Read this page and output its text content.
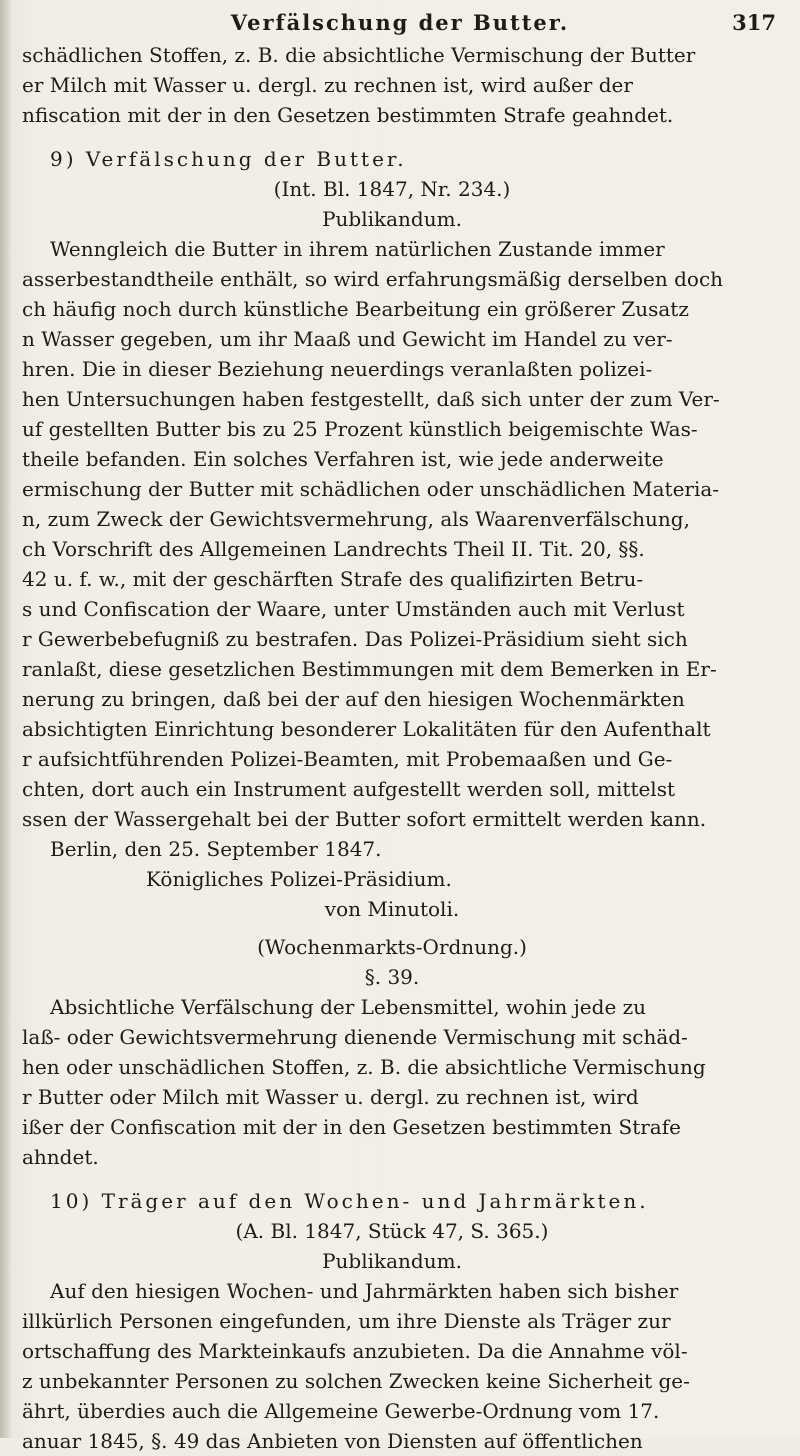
Verfälschung der Butter.	317
schädlichen Stoffen, z. B. die absichtliche Vermischung der Butter
er Milch mit Wasser u. dergl. zu rechnen ist, wird außer der
nfiscation mit der in den Gesetzen bestimmten Strafe geahndet.
9) Verfälschung der Butter.
(Int. Bl. 1847, Nr. 234.)
Publikandum.
Wenngleich die Butter in ihrem natürlichen Zustande immer
asserbestandtheile enthält, so wird erfahrungsmäßig derselben doch
ch häufig noch durch künstliche Bearbeitung ein größerer Zusatz
n Wasser gegeben, um ihr Maaß und Gewicht im Handel zu ver-
hren. Die in dieser Beziehung neuerdings veranlaßten polizei-
hen Untersuchungen haben festgestellt, daß sich unter der zum Ver-
uf gestellten Butter bis zu 25 Prozent künstlich beigemischte Was-
theile befanden. Ein solches Verfahren ist, wie jede anderweite
ermischung der Butter mit schädlichen oder unschädlichen Materia-
n, zum Zweck der Gewichtsvermehrung, als Waarenverfälschung,
ch Vorschrift des Allgemeinen Landrechts Theil II. Tit. 20, §§.
42 u. f. w., mit der geschärften Strafe des qualifizirten Betru-
s und Confiscation der Waare, unter Umständen auch mit Verlust
r Gewerbebefugniß zu bestrafen. Das Polizei-Präsidium sieht sich
ranlaßt, diese gesetzlichen Bestimmungen mit dem Bemerken in Er-
nerung zu bringen, daß bei der auf den hiesigen Wochenmärkten
absichtigten Einrichtung besonderer Lokalitäten für den Aufenthalt
r aufsichtführenden Polizei-Beamten, mit Probemaaßen und Ge-
chten, dort auch ein Instrument aufgestellt werden soll, mittelst
ssen der Wassergehalt bei der Butter sofort ermittelt werden kann.
Berlin, den 25. September 1847.
Königliches Polizei-Präsidium.
von Minutoli.
(Wochenmarkts-Ordnung.)
§. 39.
Absichtliche Verfälschung der Lebensmittel, wohin jede zu
laß- oder Gewichtsvermehrung dienende Vermischung mit schäd-
hen oder unschädlichen Stoffen, z. B. die absichtliche Vermischung
r Butter oder Milch mit Wasser u. dergl. zu rechnen ist, wird
ißer der Confiscation mit der in den Gesetzen bestimmten Strafe
ahndet.
10) Träger auf den Wochen- und Jahrmärkten.
(A. Bl. 1847, Stück 47, S. 365.)
Publikandum.
Auf den hiesigen Wochen- und Jahrmärkten haben sich bisher
illkürlich Personen eingefunden, um ihre Dienste als Träger zur
ortschaffung des Markteinkaufs anzubieten. Da die Annahme völ-
z unbekannter Personen zu solchen Zwecken keine Sicherheit ge-
ährt, überdies auch die Allgemeine Gewerbe-Ordnung vom 17.
anuar 1845, §. 49 das Anbieten von Diensten auf öffentlichen
